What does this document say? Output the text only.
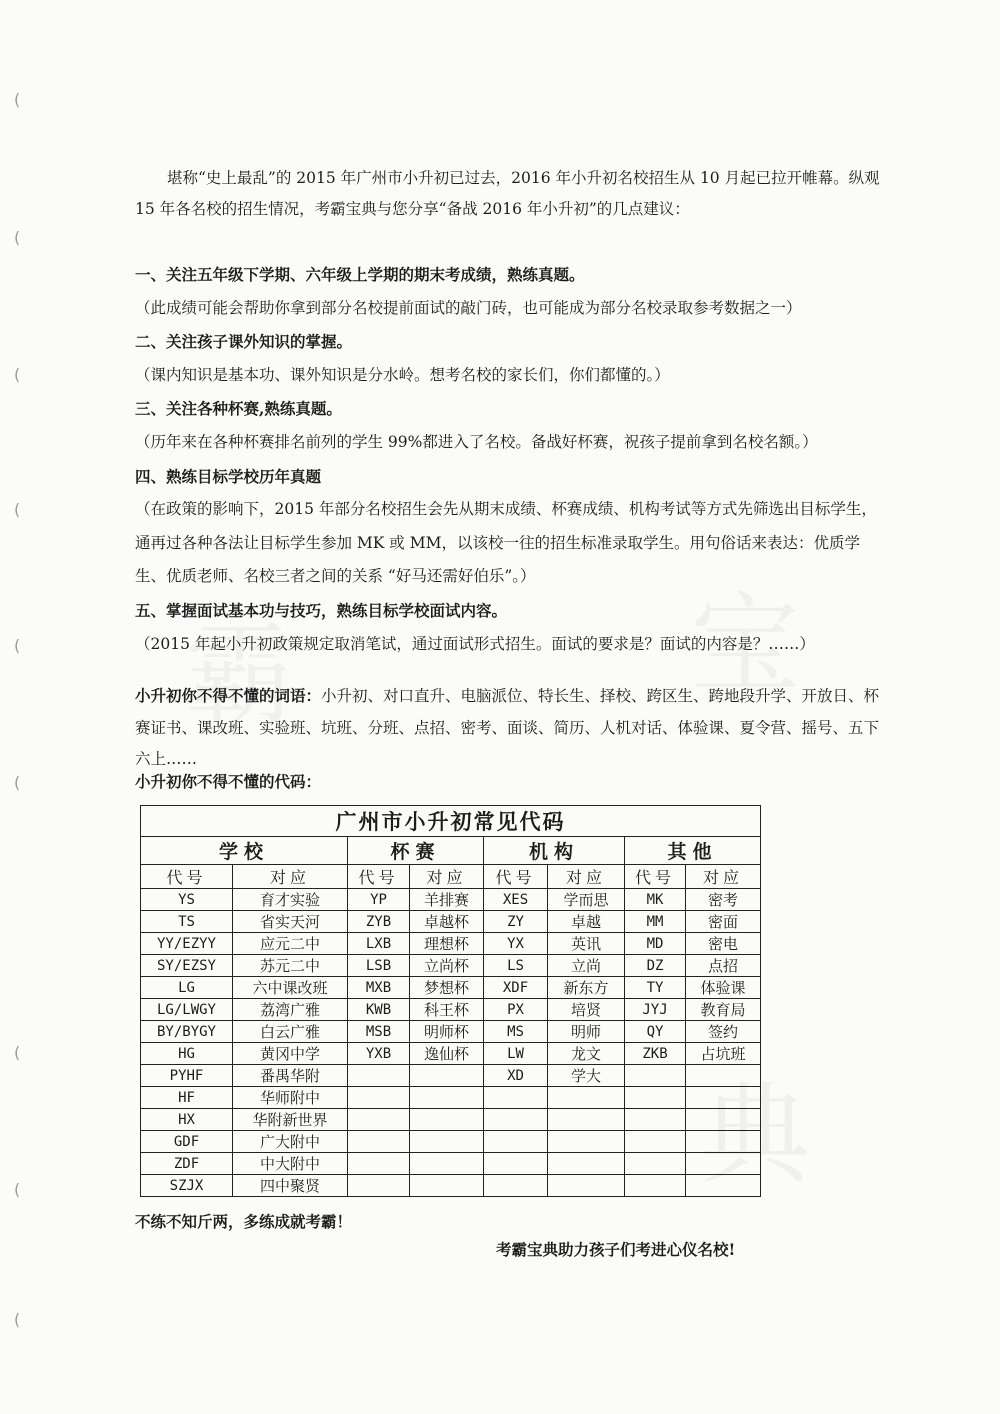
(
(
(
(
(
(
(
(
(

堪称“史上最乱”的 2015 年广州市小升初已过去，2016 年小升初名校招生从 10 月起已拉开帷幕。纵观 15 年各名校的招生情况，考霸宝典与您分享“备战 2016 年小升初”的几点建议：

一、关注五年级下学期、六年级上学期的期末考成绩，熟练真题。
（此成绩可能会帮助你拿到部分名校提前面试的敲门砖，也可能成为部分名校录取参考数据之一）
二、关注孩子课外知识的掌握。
（课内知识是基本功、课外知识是分水岭。想考名校的家长们，你们都懂的。）
三、关注各种杯赛,熟练真题。
（历年来在各种杯赛排名前列的学生 99%都进入了名校。备战好杯赛，祝孩子提前拿到名校名额。）
四、熟练目标学校历年真题
（在政策的影响下，2015 年部分名校招生会先从期末成绩、杯赛成绩、机构考试等方式先筛选出目标学生，通再过各种各法让目标学生参加 MK 或 MM，以该校一往的招生标准录取学生。用句俗话来表达：优质学生、优质老师、名校三者之间的关系 “好马还需好伯乐”。）
五、掌握面试基本功与技巧，熟练目标学校面试内容。
（2015 年起小升初政策规定取消笔试，通过面试形式招生。面试的要求是？面试的内容是？……）
小升初你不得不懂的词语：小升初、对口直升、电脑派位、特长生、择校、跨区生、跨地段升学、开放日、杯赛证书、课改班、实验班、坑班、分班、点招、密考、面谈、简历、人机对话、体验课、夏令营、摇号、五下六上……
小升初你不得不懂的代码：
广州市小升初常见代码							
学校		杯赛		机构		其他	
代号	对应	代号	对应	代号	对应	代号	对应
YS	育才实验	YP	羊排赛	XES	学而思	MK	密考
TS	省实天河	ZYB	卓越杯	ZY	卓越	MM	密面
YY/EZYY	应元二中	LXB	理想杯	YX	英讯	MD	密电
SY/EZSY	苏元二中	LSB	立尚杯	LS	立尚	DZ	点招
LG	六中课改班	MXB	梦想杯	XDF	新东方	TY	体验课
LG/LWGY	荔湾广雅	KWB	科王杯	PX	培贤	JYJ	教育局
BY/BYGY	白云广雅	MSB	明师杯	MS	明师	QY	签约
HG	黄冈中学	YXB	逸仙杯	LW	龙文	ZKB	占坑班
PYHF	番禺华附			XD	学大		
HF	华师附中						
HX	华附新世界						
GDF	广大附中						
ZDF	中大附中						
SZJX	四中聚贤						
不练不知斤两，多练成就考霸！
考霸宝典助力孩子们考进心仪名校!
